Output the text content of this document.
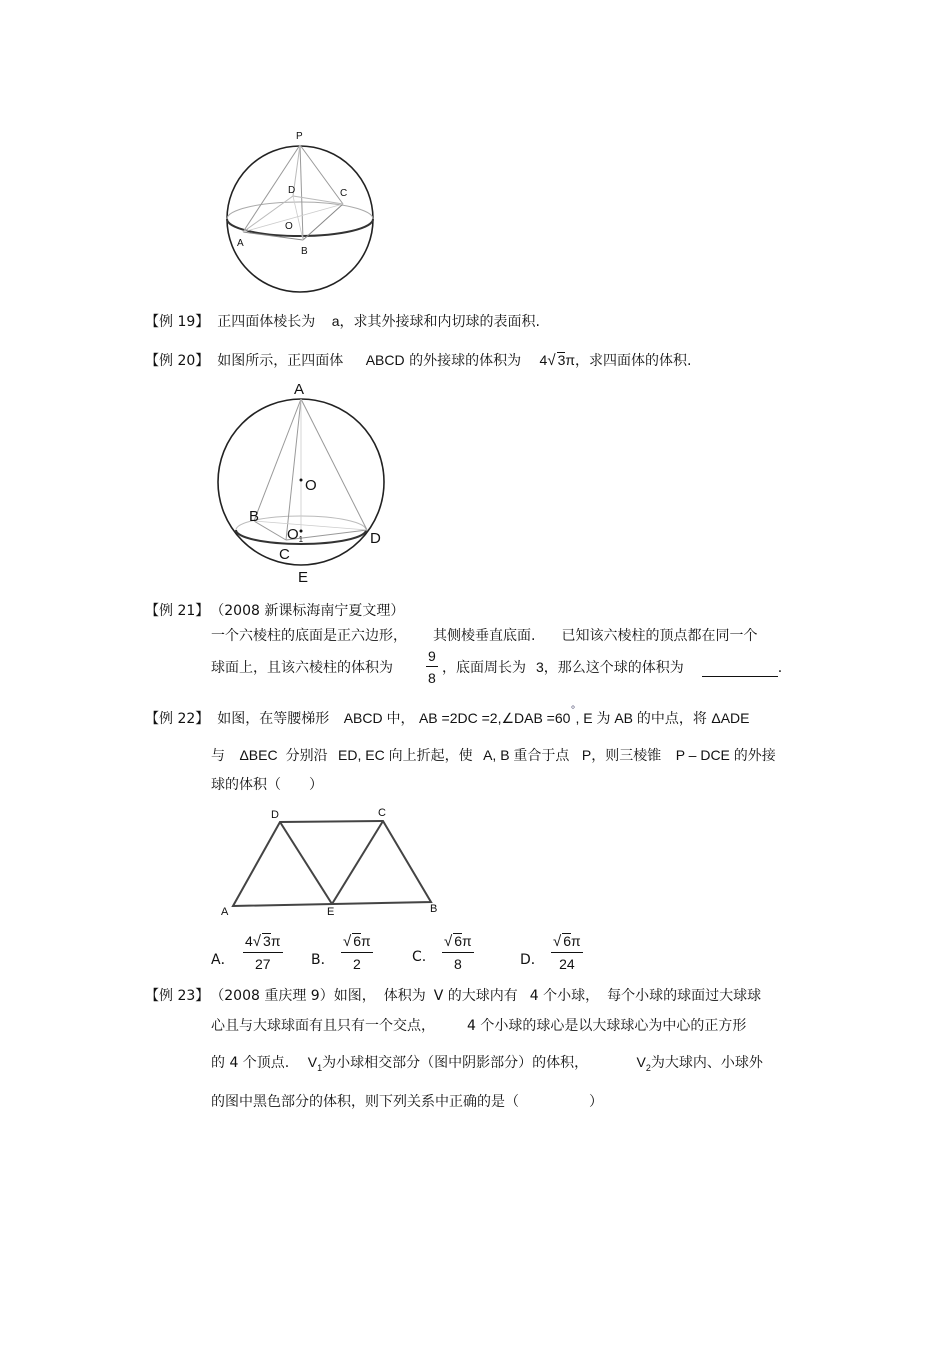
P
D	C
O
A
B
【例 19】 正四面体棱长为 a，求其外接球和内切球的表面积.
【例 20】 如图所示，正四面体 ABCD 的外接球的体积为 4√ 3π，求四面体的体积.
A
O
B
$O_1$	D
C
E
【例 21】 （2008 新课标海南宁夏文理）
一个六棱柱的底面是正六边形， 其侧棱垂直底面. 已知该六棱柱的顶点都在同一个
球面上，且该六棱柱的体积为 $\frac{9}{8}$ ，底面周长为 3，那么这个球的体积为	.
【例 22】 如图，在等腰梯形 ABCD 中， AB =2DC =2,∠DAB =60°, E 为 AB 的中点，将 ΔADE
与 ΔBEC 分别沿 ED, EC 向上折起，使 A, B 重合于点 P，则三棱锥 P – DCE 的外接
球的体积（　　）
D	C
A	E	B
A． $\frac{4√ 3\pi}{27}$ B． $\frac{√ 6\pi}{2}$	C. $\frac{√ 6\pi}{8}$	D． $\frac{√ 6\pi}{24}$
【例 23】 （2008 重庆理 9）如图， 体积为 V 的大球内有 4 个小球， 每个小球的球面过大球球
心且与大球球面有且只有一个交点， 4 个小球的球心是以大球球心为中心的正方形
的 4 个顶点. $V_1$为小球相交部分（图中阴影部分）的体积，	$V_2$为大球内、小球外
的图中黑色部分的体积，则下列关系中正确的是（　　　　　）
